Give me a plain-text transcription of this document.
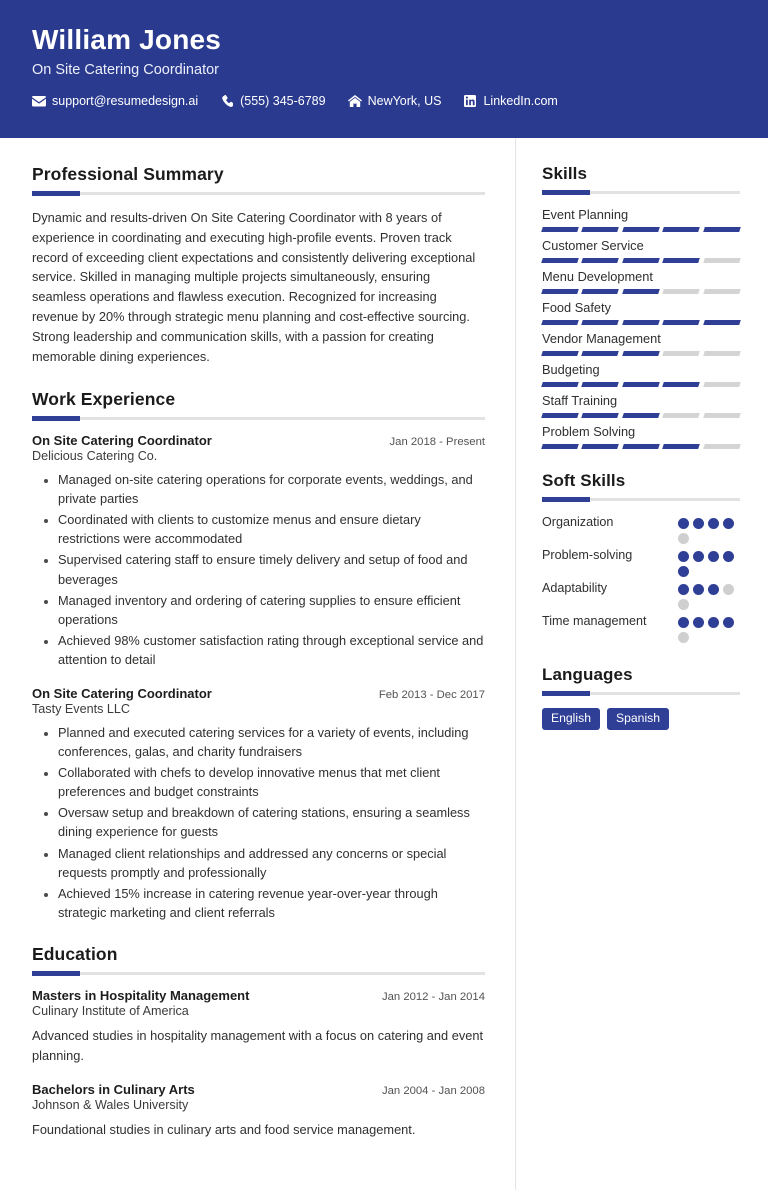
William Jones
On Site Catering Coordinator
support@resumedesign.ai	(555) 345-6789	NewYork, US	LinkedIn.com
Professional Summary

Dynamic and results-driven On Site Catering Coordinator with 8 years of experience in coordinating and executing high-profile events. Proven track record of exceeding client expectations and consistently delivering exceptional service. Skilled in managing multiple projects simultaneously, ensuring seamless operations and flawless execution. Recognized for increasing revenue by 20% through strategic menu planning and cost-effective sourcing. Strong leadership and communication skills, with a passion for creating memorable dining experiences.

Work Experience
On Site Catering Coordinator	Jan 2018 - Present
Delicious Catering Co.
• Managed on-site catering operations for corporate events, weddings, and private parties
• Coordinated with clients to customize menus and ensure dietary restrictions were accommodated
• Supervised catering staff to ensure timely delivery and setup of food and beverages
• Managed inventory and ordering of catering supplies to ensure efficient operations
• Achieved 98% customer satisfaction rating through exceptional service and attention to detail
On Site Catering Coordinator	Feb 2013 - Dec 2017
Tasty Events LLC
• Planned and executed catering services for a variety of events, including conferences, galas, and charity fundraisers
• Collaborated with chefs to develop innovative menus that met client preferences and budget constraints
• Oversaw setup and breakdown of catering stations, ensuring a seamless dining experience for guests
• Managed client relationships and addressed any concerns or special requests promptly and professionally
• Achieved 15% increase in catering revenue year-over-year through strategic marketing and client referrals
Education
Masters in Hospitality Management	Jan 2012 - Jan 2014
Culinary Institute of America
Advanced studies in hospitality management with a focus on catering and event planning.
Bachelors in Culinary Arts	Jan 2004 - Jan 2008
Johnson & Wales University
Foundational studies in culinary arts and food service management.
Skills
Event Planning
Customer Service
Menu Development
Food Safety
Vendor Management
Budgeting
Staff Training
Problem Solving
Soft Skills
Organization
Problem-solving
Adaptability
Time management
Languages
English	Spanish
